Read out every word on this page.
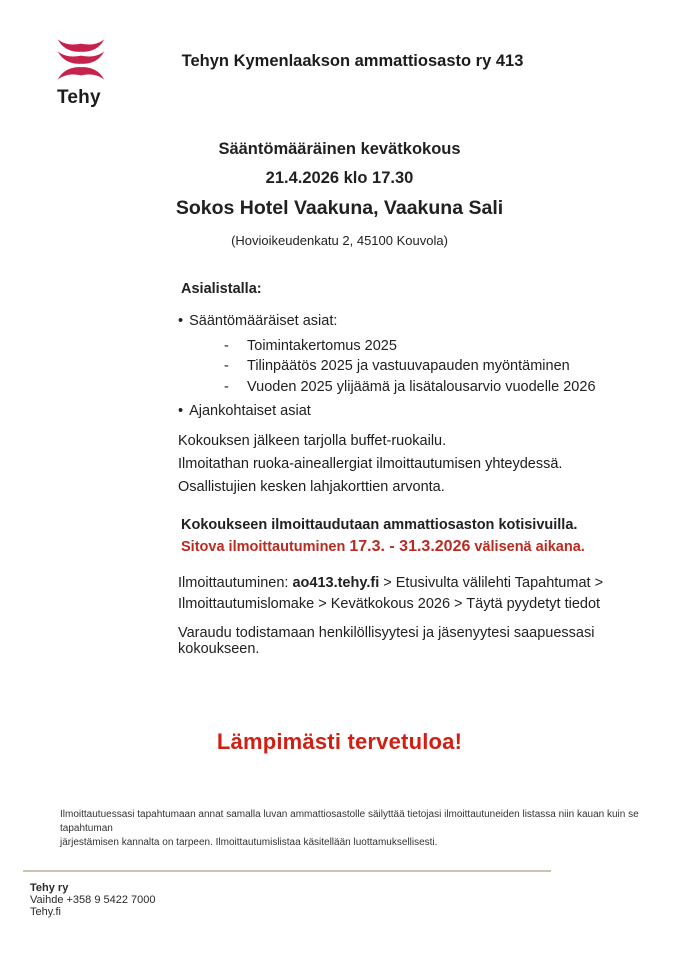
Tehy
Tehyn Kymenlaakson ammattiosasto ry 413
Sääntömääräinen kevätkokous
21.4.2026 klo 17.30
Sokos Hotel Vaakuna, Vaakuna Sali
(Hovioikeudenkatu 2, 45100 Kouvola)
Asialistalla:
• Sääntömääräiset asiat:
-	Toimintakertomus 2025
-	Tilinpäätös 2025 ja vastuuvapauden myöntäminen
-	Vuoden 2025 ylijäämä ja lisätalousarvio vuodelle 2026
• Ajankohtaiset asiat
Kokouksen jälkeen tarjolla buffet-ruokailu.
Ilmoitathan ruoka-aineallergiat ilmoittautumisen yhteydessä.
Osallistujien kesken lahjakorttien arvonta.
Kokoukseen ilmoittaudutaan ammattiosaston kotisivuilla.
Sitova ilmoittautuminen 17.3. - 31.3.2026 välisenä aikana.
Ilmoittautuminen: ao413.tehy.fi > Etusivulta välilehti Tapahtumat >
Ilmoittautumislomake > Kevätkokous 2026 > Täytä pyydetyt tiedot
Varaudu todistamaan henkilöllisyytesi ja jäsenyytesi saapuessasi kokoukseen.
Lämpimästi tervetuloa!
Ilmoittautuessasi tapahtumaan annat samalla luvan ammattiosastolle säilyttää tietojasi ilmoittautuneiden listassa niin kauan kuin se tapahtuman
järjestämisen kannalta on tarpeen. Ilmoittautumislistaa käsitellään luottamuksellisesti.
Tehy ry
Vaihde +358 9 5422 7000
Tehy.fi
